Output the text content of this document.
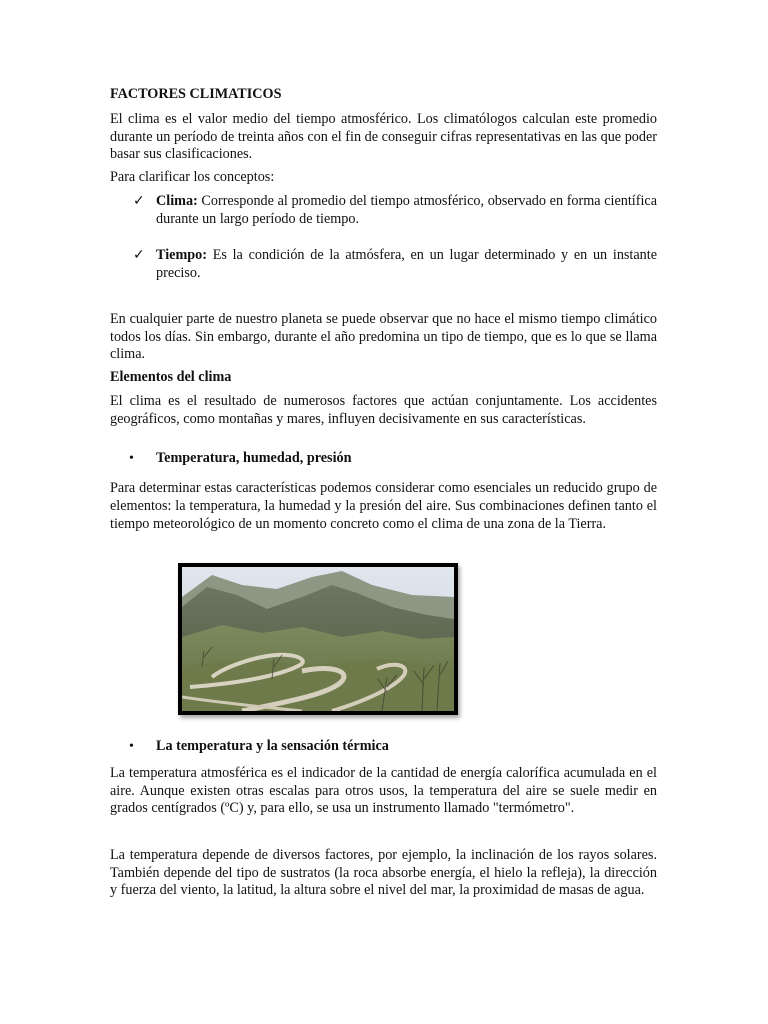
FACTORES CLIMATICOS
El clima es el valor medio del tiempo atmosférico. Los climatólogos calculan este promedio durante un período de treinta años con el fin de conseguir cifras representativas en las que poder basar sus clasificaciones.
Para clarificar los conceptos:
✓ Clima: Corresponde al promedio del tiempo atmosférico, observado en forma científica durante un largo período de tiempo.
✓ Tiempo: Es la condición de la atmósfera, en un lugar determinado y en un instante preciso.
En cualquier parte de nuestro planeta se puede observar que no hace el mismo tiempo climático todos los días. Sin embargo, durante el año predomina un tipo de tiempo, que es lo que se llama clima.
Elementos del clima
El clima es el resultado de numerosos factores que actúan conjuntamente. Los accidentes geográficos, como montañas y mares, influyen decisivamente en sus características.
• Temperatura, humedad, presión
Para determinar estas características podemos considerar como esenciales un reducido grupo de elementos: la temperatura, la humedad y la presión del aire. Sus combinaciones definen tanto el tiempo meteorológico de un momento concreto como el clima de una zona de la Tierra.
• La temperatura y la sensación térmica
La temperatura atmosférica es el indicador de la cantidad de energía calorífica acumulada en el aire. Aunque existen otras escalas para otros usos, la temperatura del aire se suele medir en grados centígrados (ºC) y, para ello, se usa un instrumento llamado "termómetro".
La temperatura depende de diversos factores, por ejemplo, la inclinación de los rayos solares. También depende del tipo de sustratos (la roca absorbe energía, el hielo la refleja), la dirección y fuerza del viento, la latitud, la altura sobre el nivel del mar, la proximidad de masas de agua.
